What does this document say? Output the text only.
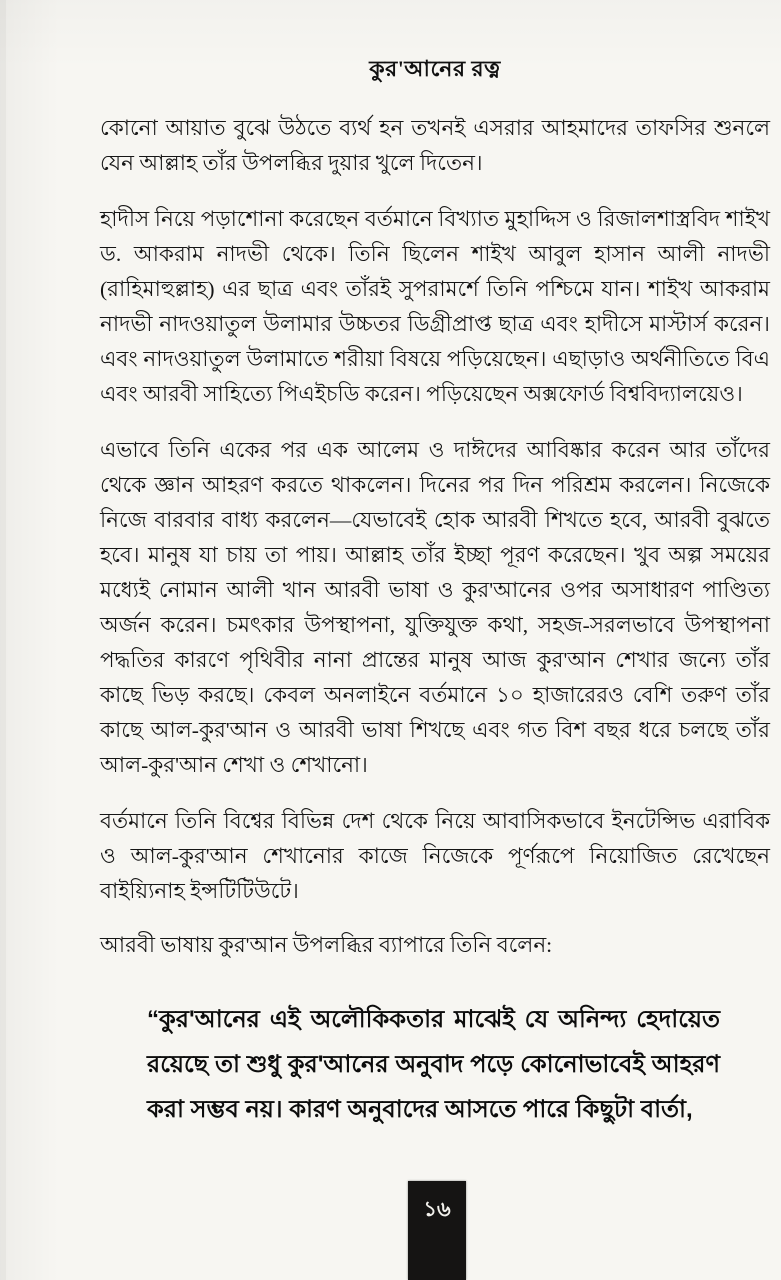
কুর'আনের রত্ন

কোনো আয়াত বুঝে উঠতে ব্যর্থ হন তখনই এসরার আহমাদের তাফসির শুনলে যেন আল্লাহ তাঁর উপলব্ধির দুয়ার খুলে দিতেন।

হাদীস নিয়ে পড়াশোনা করেছেন বর্তমানে বিখ্যাত মুহাদ্দিস ও রিজালশাস্ত্রবিদ শাইখ ড. আকরাম নাদভী থেকে। তিনি ছিলেন শাইখ আবুল হাসান আলী নাদভী (রাহিমাহুল্লাহ) এর ছাত্র এবং তাঁরই সুপরামর্শে তিনি পশ্চিমে যান। শাইখ আকরাম নাদভী নাদওয়াতুল উলামার উচ্চতর ডিগ্রীপ্রাপ্ত ছাত্র এবং হাদীসে মাস্টার্স করেন। এবং নাদওয়াতুল উলামাতে শরীয়া বিষয়ে পড়িয়েছেন। এছাড়াও অর্থনীতিতে বিএ এবং আরবী সাহিত্যে পিএইচডি করেন। পড়িয়েছেন অক্সফোর্ড বিশ্ববিদ্যালয়েও।

এভাবে তিনি একের পর এক আলেম ও দাঈদের আবিষ্কার করেন আর তাঁদের থেকে জ্ঞান আহরণ করতে থাকলেন। দিনের পর দিন পরিশ্রম করলেন। নিজেকে নিজে বারবার বাধ্য করলেন—যেভাবেই হোক আরবী শিখতে হবে, আরবী বুঝতে হবে। মানুষ যা চায় তা পায়। আল্লাহ তাঁর ইচ্ছা পূরণ করেছেন। খুব অল্প সময়ের মধ্যেই নোমান আলী খান আরবী ভাষা ও কুর'আনের ওপর অসাধারণ পাণ্ডিত্য অর্জন করেন। চমৎকার উপস্থাপনা, যুক্তিযুক্ত কথা, সহজ-সরলভাবে উপস্থাপনা পদ্ধতির কারণে পৃথিবীর নানা প্রান্তের মানুষ আজ কুর'আন শেখার জন্যে তাঁর কাছে ভিড় করছে। কেবল অনলাইনে বর্তমানে ১০ হাজারেরও বেশি তরুণ তাঁর কাছে আল-কুর'আন ও আরবী ভাষা শিখছে এবং গত বিশ বছর ধরে চলছে তাঁর আল-কুর'আন শেখা ও শেখানো।

বর্তমানে তিনি বিশ্বের বিভিন্ন দেশ থেকে নিয়ে আবাসিকভাবে ইনটেন্সিভ এরাবিক ও আল-কুর'আন শেখানোর কাজে নিজেকে পূর্ণরূপে নিয়োজিত রেখেছেন বাইয়্যিনাহ ইন্সটিটিউটে।

আরবী ভাষায় কুর'আন উপলব্ধির ব্যাপারে তিনি বলেন:

“কুর'আনের এই অলৌকিকতার মাঝেই যে অনিন্দ্য হেদায়েত রয়েছে তা শুধু কুর'আনের অনুবাদ পড়ে কোনোভাবেই আহরণ করা সম্ভব নয়। কারণ অনুবাদের আসতে পারে কিছুটা বার্তা,
১৬
